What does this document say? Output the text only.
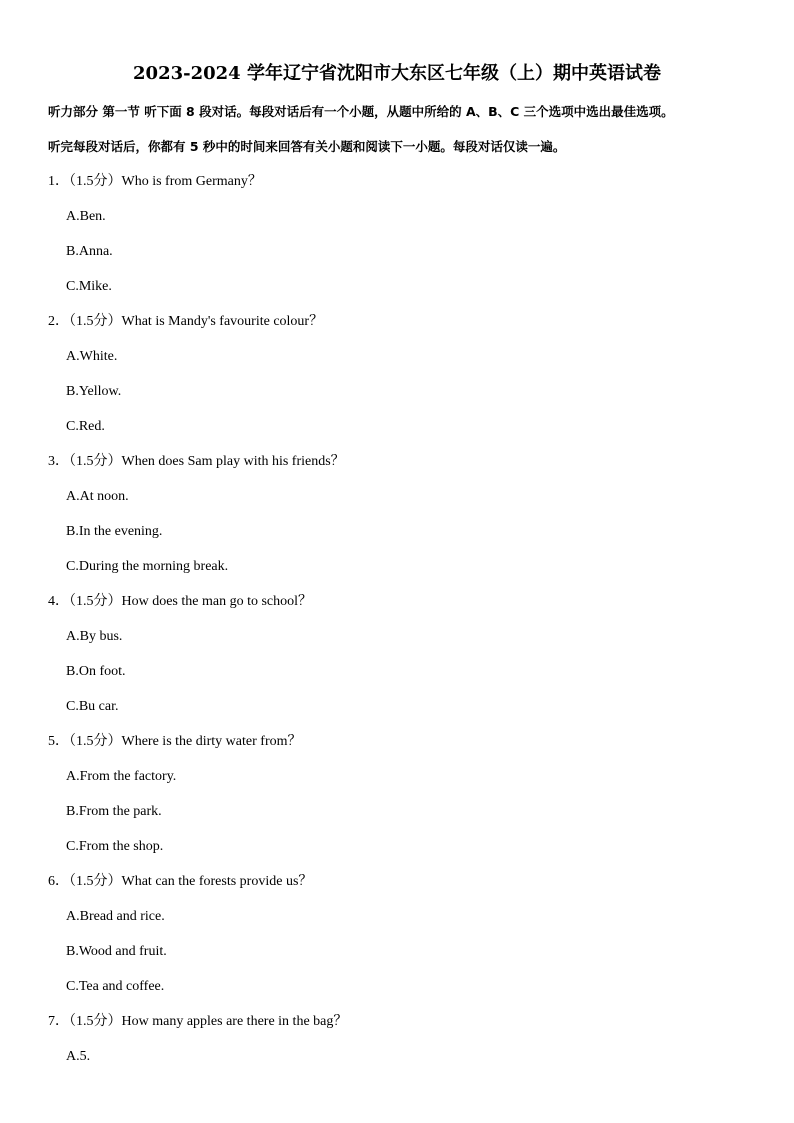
2023-2024 学年辽宁省沈阳市大东区七年级（上）期中英语试卷
听力部分 第一节 听下面 8 段对话。每段对话后有一个小题，从题中所给的 A、B、C 三个选项中选出最佳选项。
听完每段对话后，你都有 5 秒中的时间来回答有关小题和阅读下一小题。每段对话仅读一遍。
1．（1.5分）Who is from Germany？
A.Ben.
B.Anna.
C.Mike.
2．（1.5分）What is Mandy's favourite colour？
A.White.
B.Yellow.
C.Red.
3．（1.5分）When does Sam play with his friends？
A.At noon.
B.In the evening.
C.During the morning break.
4．（1.5分）How does the man go to school？
A.By bus.
B.On foot.
C.Bu car.
5．（1.5分）Where is the dirty water from？
A.From the factory.
B.From the park.
C.From the shop.
6．（1.5分）What can the forests provide us？
A.Bread and rice.
B.Wood and fruit.
C.Tea and coffee.
7．（1.5分）How many apples are there in the bag？
A.5.
